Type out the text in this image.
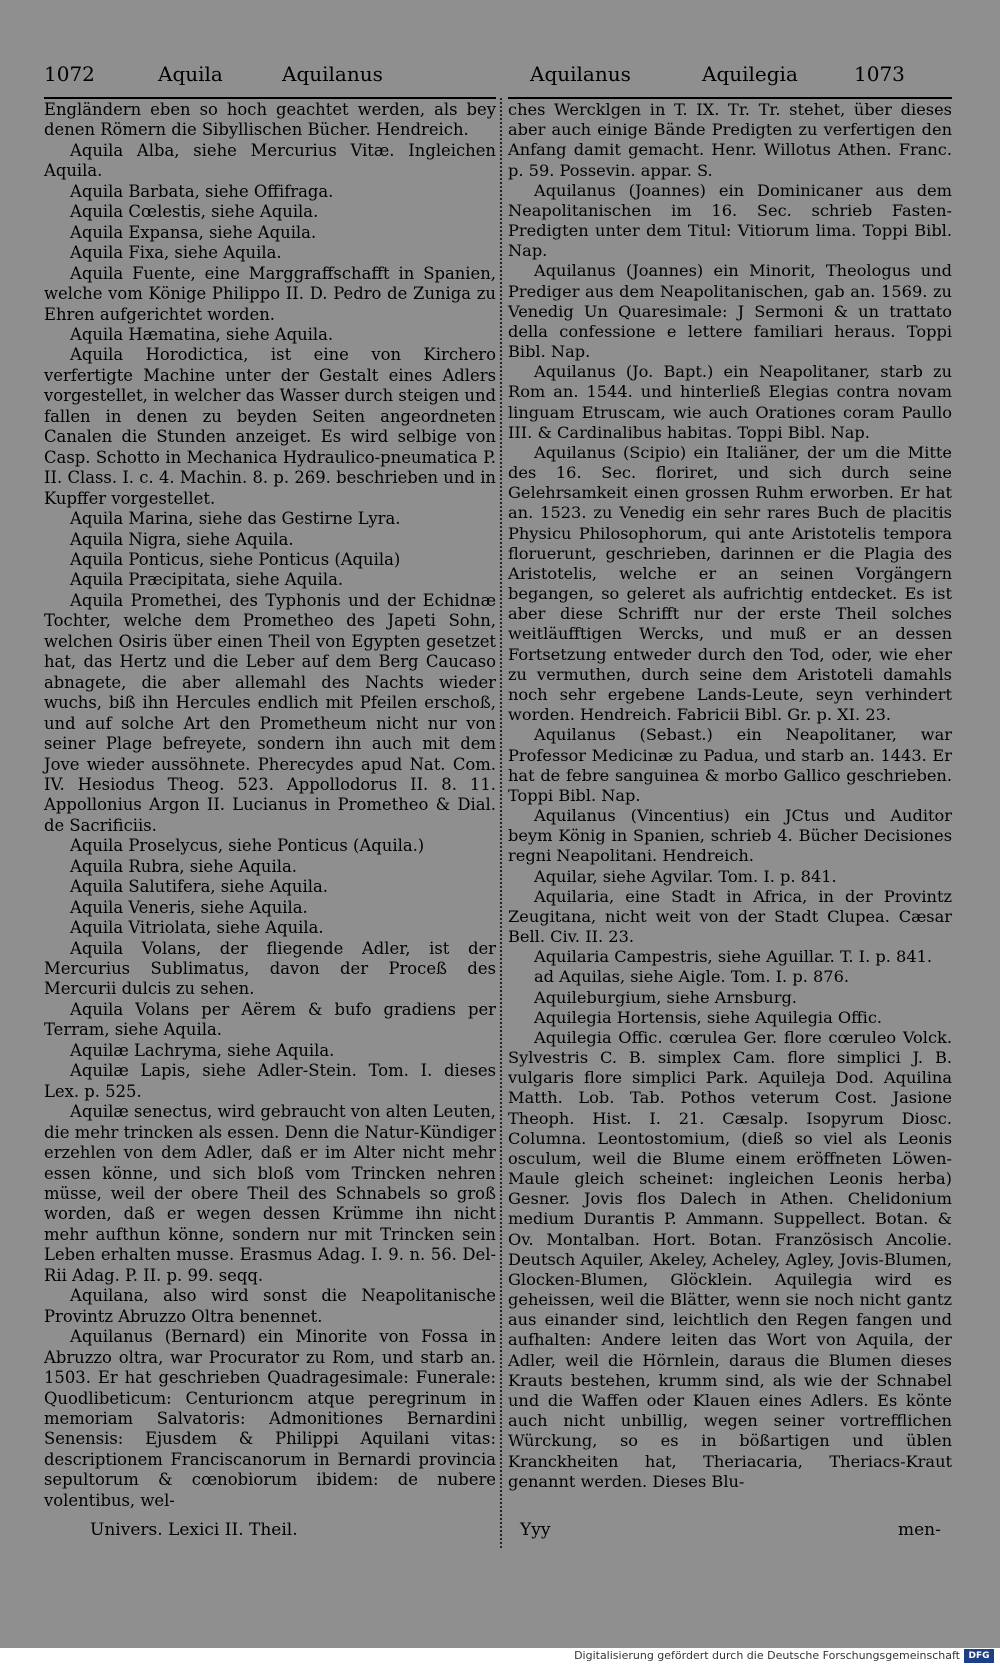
1072	Aquila	Aquilanus	Aquilanus	Aquilegia	1073

Engländern eben so hoch geachtet werden, als bey denen Römern die Sibyllischen Bücher. Hendreich.

Aquila Alba, siehe Mercurius Vitæ. Ingleichen Aquila.

Aquila Barbata, siehe Offifraga.

Aquila Cœlestis, siehe Aquila.

Aquila Expansa, siehe Aquila.

Aquila Fixa, siehe Aquila.

Aquila Fuente, eine Marggraffschafft in Spanien, welche vom Könige Philippo II. D. Pedro de Zuniga zu Ehren aufgerichtet worden.

Aquila Hæmatina, siehe Aquila.

Aquila Horodictica, ist eine von Kirchero verfertigte Machine unter der Gestalt eines Adlers vorgestellet, in welcher das Wasser durch steigen und fallen in denen zu beyden Seiten angeordneten Canalen die Stunden anzeiget. Es wird selbige von Casp. Schotto in Mechanica Hydraulico-pneumatica P. II. Class. I. c. 4. Machin. 8. p. 269. beschrieben und in Kupffer vorgestellet.

Aquila Marina, siehe das Gestirne Lyra.

Aquila Nigra, siehe Aquila.

Aquila Ponticus, siehe Ponticus (Aquila)

Aquila Præcipitata, siehe Aquila.

Aquila Promethei, des Typhonis und der Echidnæ Tochter, welche dem Prometheo des Japeti Sohn, welchen Osiris über einen Theil von Egypten gesetzet hat, das Hertz und die Leber auf dem Berg Caucaso abnagete, die aber allemahl des Nachts wieder wuchs, biß ihn Hercules endlich mit Pfeilen erschoß, und auf solche Art den Prometheum nicht nur von seiner Plage befreyete, sondern ihn auch mit dem Jove wieder aussöhnete. Pherecydes apud Nat. Com. IV. Hesiodus Theog. 523. Appollodorus II. 8. 11. Appollonius Argon II. Lucianus in Prometheo & Dial. de Sacrificiis.

Aquila Proselycus, siehe Ponticus (Aquila.)

Aquila Rubra, siehe Aquila.

Aquila Salutifera, siehe Aquila.

Aquila Veneris, siehe Aquila.

Aquila Vitriolata, siehe Aquila.

Aquila Volans, der fliegende Adler, ist der Mercurius Sublimatus, davon der Proceß des Mercurii dulcis zu sehen.

Aquila Volans per Aërem & bufo gradiens per Terram, siehe Aquila.

Aquilæ Lachryma, siehe Aquila.

Aquilæ Lapis, siehe Adler-Stein. Tom. I. dieses Lex. p. 525.

Aquilæ senectus, wird gebraucht von alten Leuten, die mehr trincken als essen. Denn die Natur-Kündiger erzehlen von dem Adler, daß er im Alter nicht mehr essen könne, und sich bloß vom Trincken nehren müsse, weil der obere Theil des Schnabels so groß worden, daß er wegen dessen Krümme ihn nicht mehr aufthun könne, sondern nur mit Trincken sein Leben erhalten musse. Erasmus Adag. I. 9. n. 56. Del-Rii Adag. P. II. p. 99. seqq.

Aquilana, also wird sonst die Neapolitanische Provintz Abruzzo Oltra benennet.

Aquilanus (Bernard) ein Minorite von Fossa in Abruzzo oltra, war Procurator zu Rom, und starb an. 1503. Er hat geschrieben Quadragesimale: Funerale: Quodlibeticum: Centurioncm atque peregrinum in memoriam Salvatoris: Admonitiones Bernardini Senensis: Ejusdem & Philippi Aquilani vitas: descriptionem Franciscanorum in Bernardi provincia sepultorum & cœnobiorum ibidem: de nubere volentibus, wel-

ches Wercklgen in T. IX. Tr. Tr. stehet, über dieses aber auch einige Bände Predigten zu verfertigen den Anfang damit gemacht. Henr. Willotus Athen. Franc. p. 59. Possevin. appar. S.

Aquilanus (Joannes) ein Dominicaner aus dem Neapolitanischen im 16. Sec. schrieb Fasten-Predigten unter dem Titul: Vitiorum lima. Toppi Bibl. Nap.

Aquilanus (Joannes) ein Minorit, Theologus und Prediger aus dem Neapolitanischen, gab an. 1569. zu Venedig Un Quaresimale: J Sermoni & un trattato della confessione e lettere familiari heraus. Toppi Bibl. Nap.

Aquilanus (Jo. Bapt.) ein Neapolitaner, starb zu Rom an. 1544. und hinterließ Elegias contra novam linguam Etruscam, wie auch Orationes coram Paullo III. & Cardinalibus habitas. Toppi Bibl. Nap.

Aquilanus (Scipio) ein Italiäner, der um die Mitte des 16. Sec. floriret, und sich durch seine Gelehrsamkeit einen grossen Ruhm erworben. Er hat an. 1523. zu Venedig ein sehr rares Buch de placitis Physicu Philosophorum, qui ante Aristotelis tempora floruerunt, geschrieben, darinnen er die Plagia des Aristotelis, welche er an seinen Vorgängern begangen, so geleret als aufrichtig entdecket. Es ist aber diese Schrifft nur der erste Theil solches weitläufftigen Wercks, und muß er an dessen Fortsetzung entweder durch den Tod, oder, wie eher zu vermuthen, durch seine dem Aristoteli damahls noch sehr ergebene Lands-Leute, seyn verhindert worden. Hendreich. Fabricii Bibl. Gr. p. XI. 23.

Aquilanus (Sebast.) ein Neapolitaner, war Professor Medicinæ zu Padua, und starb an. 1443. Er hat de febre sanguinea & morbo Gallico geschrieben. Toppi Bibl. Nap.

Aquilanus (Vincentius) ein JCtus und Auditor beym König in Spanien, schrieb 4. Bücher Decisiones regni Neapolitani. Hendreich.

Aquilar, siehe Agvilar. Tom. I. p. 841.

Aquilaria, eine Stadt in Africa, in der Provintz Zeugitana, nicht weit von der Stadt Clupea. Cæsar Bell. Civ. II. 23.

Aquilaria Campestris, siehe Aguillar. T. I. p. 841.

ad Aquilas, siehe Aigle. Tom. I. p. 876.

Aquileburgium, siehe Arnsburg.

Aquilegia Hortensis, siehe Aquilegia Offic.

Aquilegia Offic. cœrulea Ger. flore cœruleo Volck. Sylvestris C. B. simplex Cam. flore simplici J. B. vulgaris flore simplici Park. Aquileja Dod. Aquilina Matth. Lob. Tab. Pothos veterum Cost. Jasione Theoph. Hist. I. 21. Cæsalp. Isopyrum Diosc. Columna. Leontostomium, (dieß so viel als Leonis osculum, weil die Blume einem eröffneten Löwen-Maule gleich scheinet: ingleichen Leonis herba) Gesner. Jovis flos Dalech in Athen. Chelidonium medium Durantis P. Ammann. Suppellect. Botan. & Ov. Montalban. Hort. Botan. Französisch Ancolie. Deutsch Aquiler, Akeley, Acheley, Agley, Jovis-Blumen, Glocken-Blumen, Glöcklein. Aquilegia wird es geheissen, weil die Blätter, wenn sie noch nicht gantz aus einander sind, leichtlich den Regen fangen und aufhalten: Andere leiten das Wort von Aquila, der Adler, weil die Hörnlein, daraus die Blumen dieses Krauts bestehen, krumm sind, als wie der Schnabel und die Waffen oder Klauen eines Adlers. Es könte auch nicht unbillig, wegen seiner vortrefflichen Würckung, so es in bößartigen und üblen Kranckheiten hat, Theriacaria, Theriacs-Kraut genannt werden. Dieses Blu-

Univers. Lexici II. Theil.	Yyy	men-
Digitalisierung gefördert durch die Deutsche Forschungsgemeinschaft DFG
